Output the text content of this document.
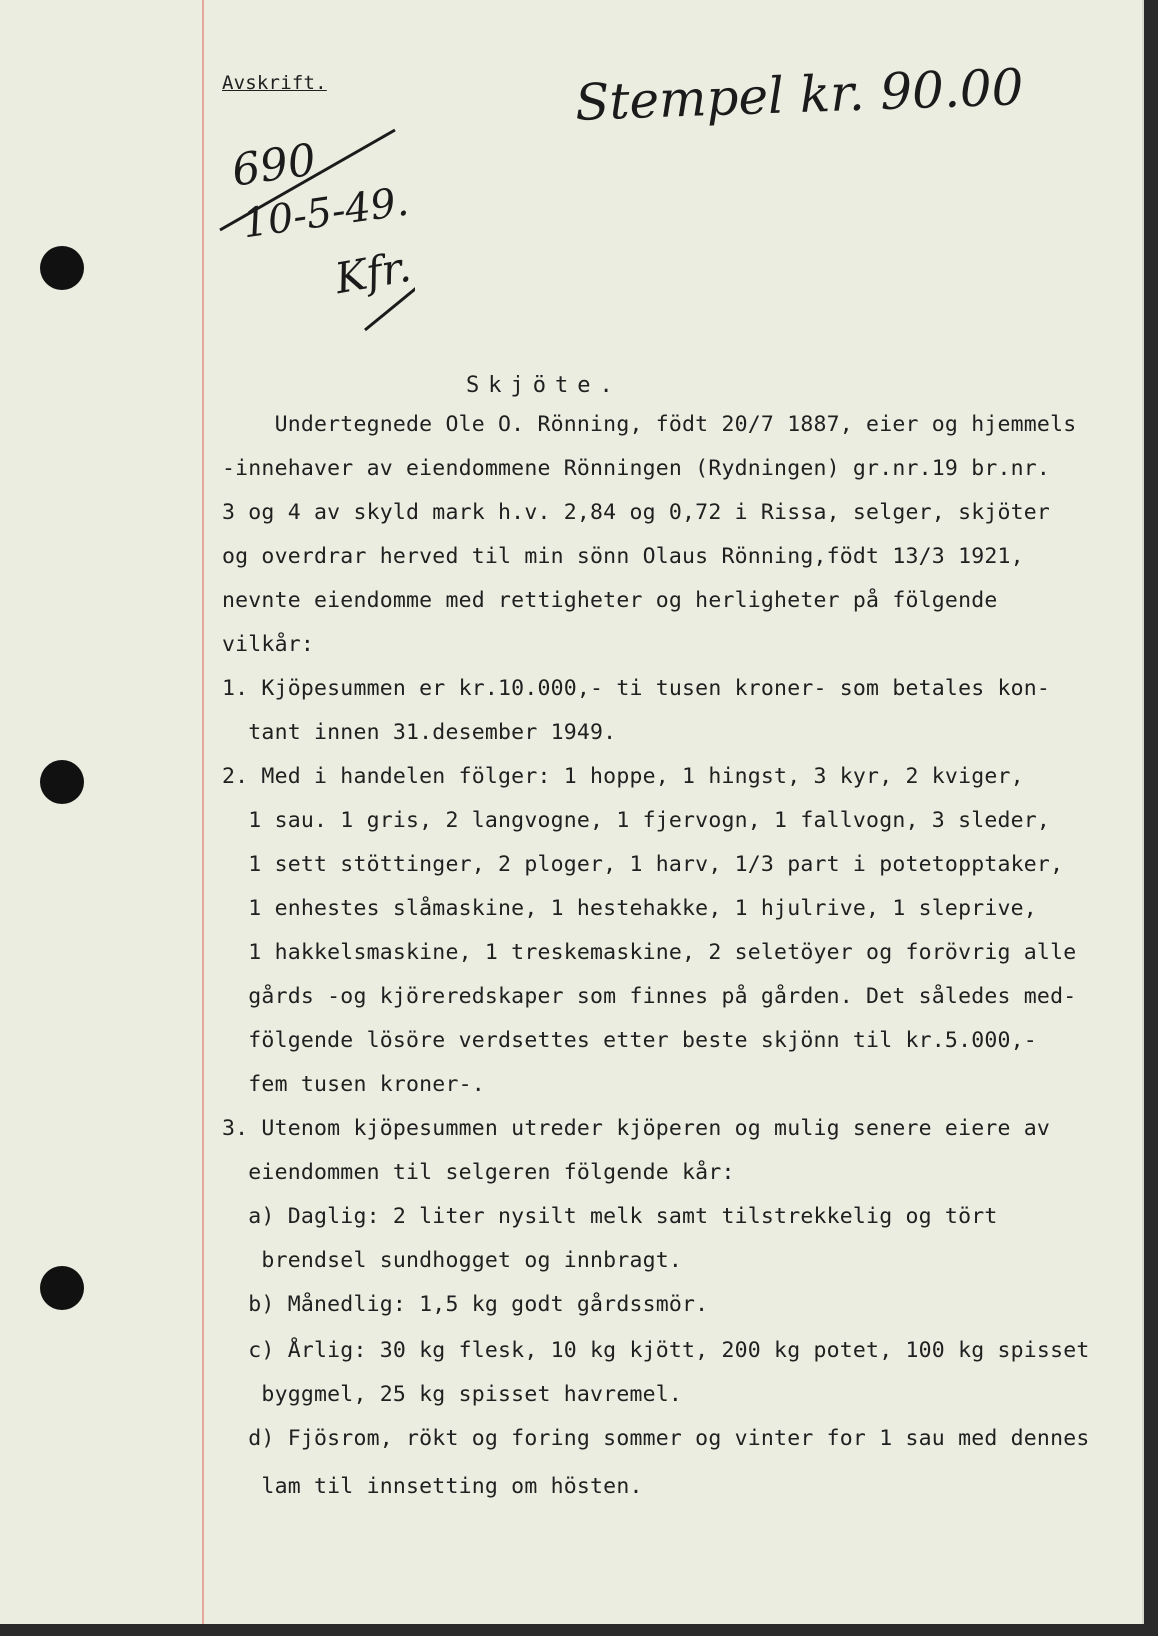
Avskrift.	Stempel kr. 90.00
690
10-5-49.
Kfr.
Skjöte.
Undertegnede Ole O. Rönning, födt 20/7 1887, eier og hjemmels
-innehaver av eiendommene Rönningen (Rydningen) gr.nr.19 br.nr.
3 og 4 av skyld mark h.v. 2,84 og 0,72 i Rissa, selger, skjöter
og overdrar herved til min sönn Olaus Rönning,födt 13/3 1921,
nevnte eiendomme med rettigheter og herligheter på fölgende
vilkår:
1. Kjöpesummen er kr.10.000,- ti tusen kroner- som betales kon-
tant innen 31.desember 1949.
2. Med i handelen fölger: 1 hoppe, 1 hingst, 3 kyr, 2 kviger,
1 sau. 1 gris, 2 langvogne, 1 fjervogn, 1 fallvogn, 3 sleder,
1 sett stöttinger, 2 ploger, 1 harv, 1/3 part i potetopptaker,
1 enhestes slåmaskine, 1 hestehakke, 1 hjulrive, 1 sleprive,
1 hakkelsmaskine, 1 treskemaskine, 2 seletöyer og forövrig alle
gårds -og kjöreredskaper som finnes på gården. Det således med-
fölgende lösöre verdsettes etter beste skjönn til kr.5.000,-
fem tusen kroner-.
3. Utenom kjöpesummen utreder kjöperen og mulig senere eiere av
eiendommen til selgeren fölgende kår:
a) Daglig: 2 liter nysilt melk samt tilstrekkelig og tört
brendsel sundhogget og innbragt.
b) Månedlig: 1,5 kg godt gårdssmör.
c) Årlig: 30 kg flesk, 10 kg kjött, 200 kg potet, 100 kg spisset
byggmel, 25 kg spisset havremel.
d) Fjösrom, rökt og foring sommer og vinter for 1 sau med dennes
lam til innsetting om hösten.
